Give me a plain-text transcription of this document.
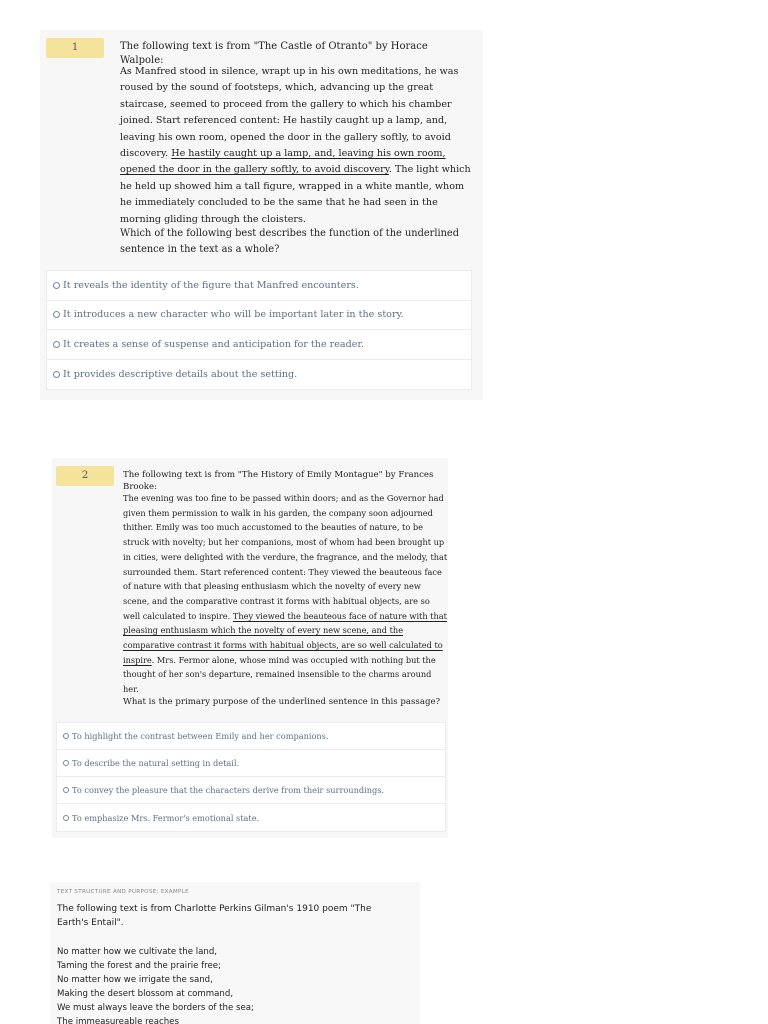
1	The following text is from "The Castle of Otranto" by Horace Walpole:

As Manfred stood in silence, wrapt up in his own meditations, he was roused by the sound of footsteps, which, advancing up the great staircase, seemed to proceed from the gallery to which his chamber joined. Start referenced content: He hastily caught up a lamp, and, leaving his own room, opened the door in the gallery softly, to avoid discovery. He hastily caught up a lamp, and, leaving his own room, opened the door in the gallery softly, to avoid discovery. The light which he held up showed him a tall figure, wrapped in a white mantle, whom he immediately concluded to be the same that he had seen in the morning gliding through the cloisters.

Which of the following best describes the function of the underlined sentence in the text as a whole?

It reveals the identity of the figure that Manfred encounters.
It introduces a new character who will be important later in the story.
It creates a sense of suspense and anticipation for the reader.
It provides descriptive details about the setting.
2	The following text is from "The History of Emily Montague" by Frances Brooke:

The evening was too fine to be passed within doors; and as the Governor had given them permission to walk in his garden, the company soon adjourned thither. Emily was too much accustomed to the beauties of nature, to be struck with novelty; but her companions, most of whom had been brought up in cities, were delighted with the verdure, the fragrance, and the melody, that surrounded them. Start referenced content: They viewed the beauteous face of nature with that pleasing enthusiasm which the novelty of every new scene, and the comparative contrast it forms with habitual objects, are so well calculated to inspire. They viewed the beauteous face of nature with that pleasing enthusiasm which the novelty of every new scene, and the comparative contrast it forms with habitual objects, are so well calculated to inspire. Mrs. Fermor alone, whose mind was occupied with nothing but the thought of her son's departure, remained insensible to the charms around her.

What is the primary purpose of the underlined sentence in this passage?

To highlight the contrast between Emily and her companions.
To describe the natural setting in detail.
To convey the pleasure that the characters derive from their surroundings.
To emphasize Mrs. Fermor's emotional state.

TEXT STRUCTURE AND PURPOSE: EXAMPLE

The following text is from Charlotte Perkins Gilman's 1910 poem "The Earth's Entail".

No matter how we cultivate the land,
Taming the forest and the prairie free;
No matter how we irrigate the sand,
Making the desert blossom at command,
We must always leave the borders of the sea;
The immeasureable reaches
